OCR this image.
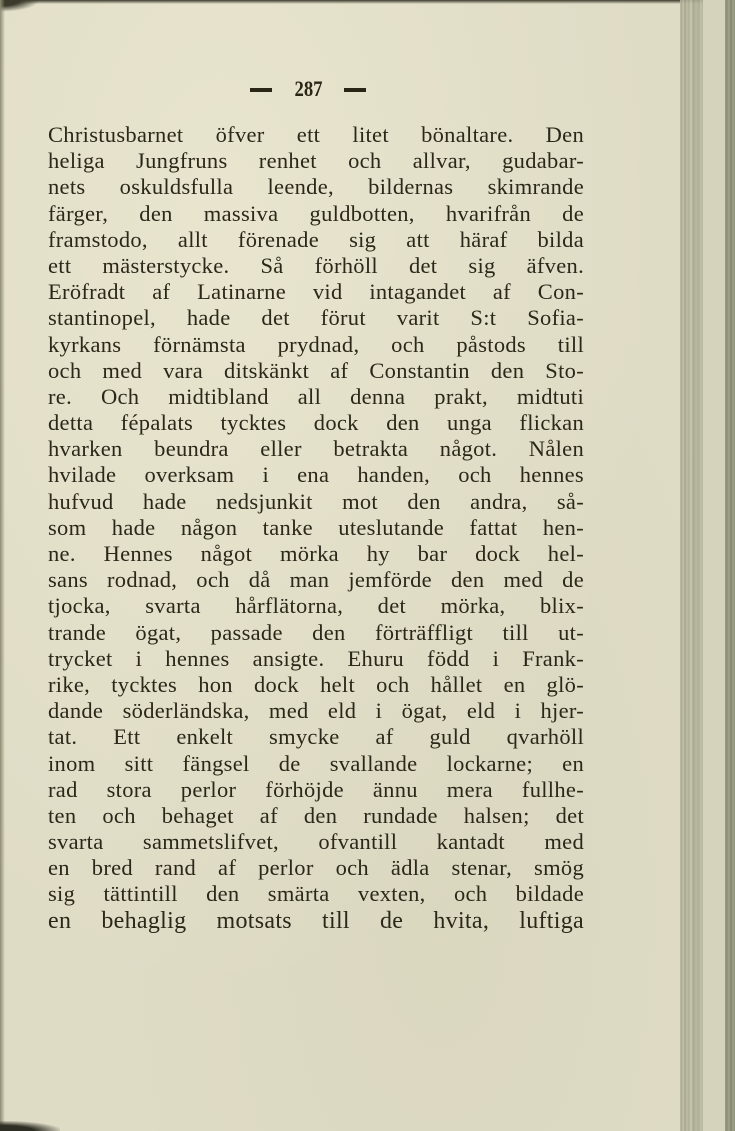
287
Christusbarnet öfver ett litet bönaltare. Den
heliga Jungfruns renhet och allvar, gudabar-
nets oskuldsfulla leende, bildernas skimrande
färger, den massiva guldbotten, hvarifrån de
framstodo, allt förenade sig att häraf bilda
ett mästerstycke. Så förhöll det sig äfven.
Eröfradt af Latinarne vid intagandet af Con-
stantinopel, hade det förut varit S:t Sofia-
kyrkans förnämsta prydnad, och påstods till
och med vara ditskänkt af Constantin den Sto-
re. Och midtibland all denna prakt, midtuti
detta fépalats tycktes dock den unga flickan
hvarken beundra eller betrakta något. Nålen
hvilade overksam i ena handen, och hennes
hufvud hade nedsjunkit mot den andra, så-
som hade någon tanke uteslutande fattat hen-
ne. Hennes något mörka hy bar dock hel-
sans rodnad, och då man jemförde den med de
tjocka, svarta hårflätorna, det mörka, blix-
trande ögat, passade den förträffligt till ut-
trycket i hennes ansigte. Ehuru född i Frank-
rike, tycktes hon dock helt och hållet en glö-
dande söderländska, med eld i ögat, eld i hjer-
tat. Ett enkelt smycke af guld qvarhöll
inom sitt fängsel de svallande lockarne; en
rad stora perlor förhöjde ännu mera fullhe-
ten och behaget af den rundade halsen; det
svarta sammetslifvet, ofvantill kantadt med
en bred rand af perlor och ädla stenar, smög
sig tättintill den smärta vexten, och bildade
en behaglig motsats till de hvita, luftiga
